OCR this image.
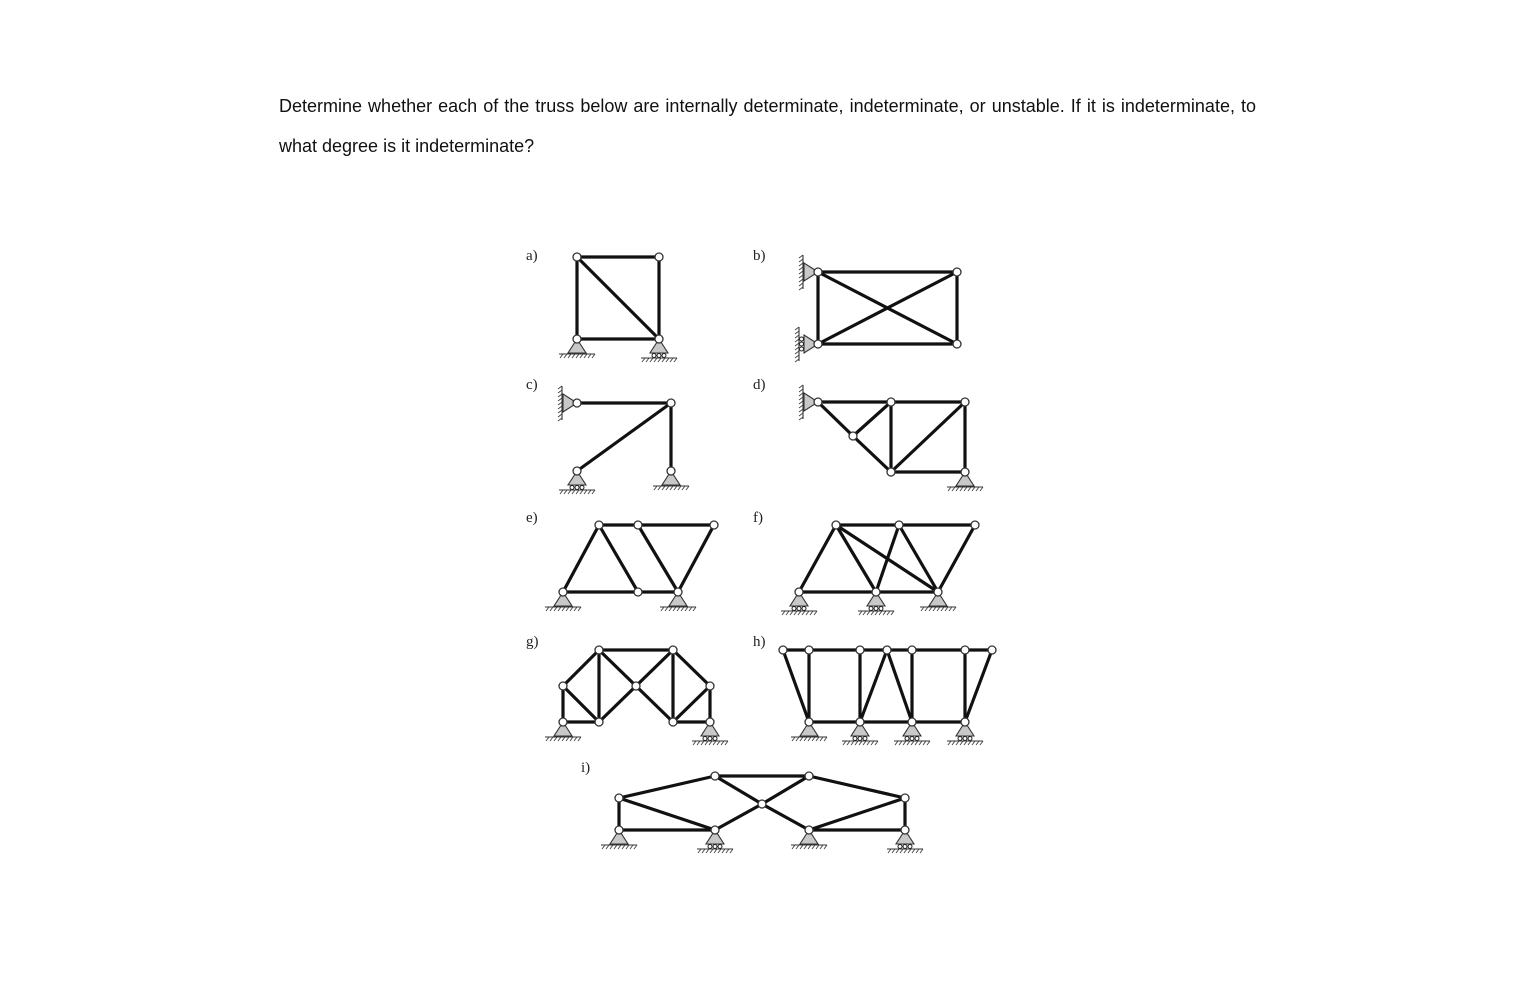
Determine whether each of the truss below are internally determinate, indeterminate, or unstable. If it is indeterminate, to what degree is it indeterminate?

a)	b)
c)	d)
e)	f)
g)	h)
i)
